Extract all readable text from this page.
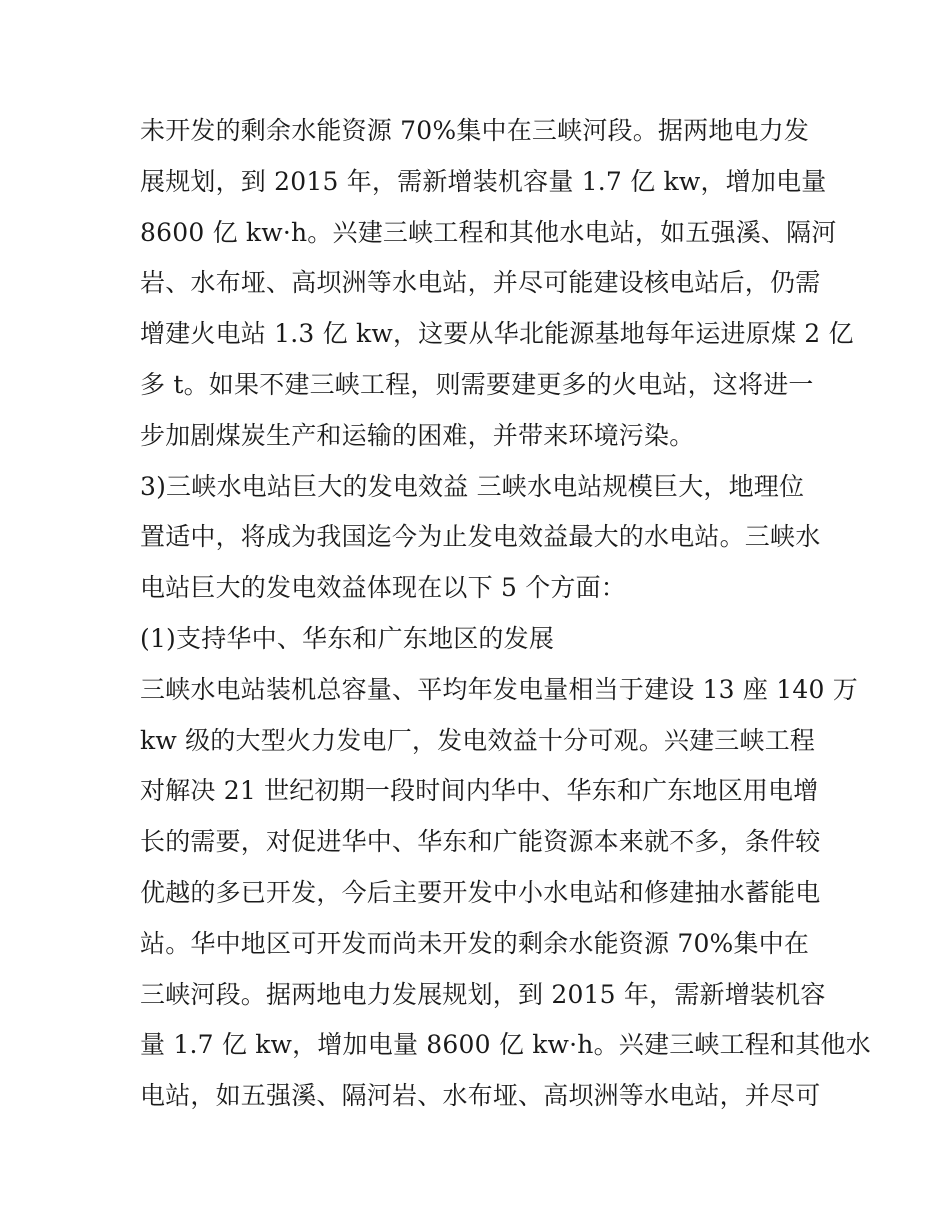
未开发的剩余水能资源 70%集中在三峡河段。据两地电力发
展规划，到 2015 年，需新增装机容量 1.7 亿 kw，增加电量
8600 亿 kw·h。兴建三峡工程和其他水电站，如五强溪、隔河
岩、水布垭、高坝洲等水电站，并尽可能建设核电站后，仍需
增建火电站 1.3 亿 kw，这要从华北能源基地每年运进原煤 2 亿
多 t。如果不建三峡工程，则需要建更多的火电站，这将进一
步加剧煤炭生产和运输的困难，并带来环境污染。
3)三峡水电站巨大的发电效益 三峡水电站规模巨大，地理位
置适中，将成为我国迄今为止发电效益最大的水电站。三峡水
电站巨大的发电效益体现在以下 5 个方面：
(1)支持华中、华东和广东地区的发展
三峡水电站装机总容量、平均年发电量相当于建设 13 座 140 万
kw 级的大型火力发电厂，发电效益十分可观。兴建三峡工程
对解决 21 世纪初期一段时间内华中、华东和广东地区用电增
长的需要，对促进华中、华东和广能资源本来就不多，条件较
优越的多已开发，今后主要开发中小水电站和修建抽水蓄能电
站。华中地区可开发而尚未开发的剩余水能资源 70%集中在
三峡河段。据两地电力发展规划，到 2015 年，需新增装机容
量 1.7 亿 kw，增加电量 8600 亿 kw·h。兴建三峡工程和其他水
电站，如五强溪、隔河岩、水布垭、高坝洲等水电站，并尽可
